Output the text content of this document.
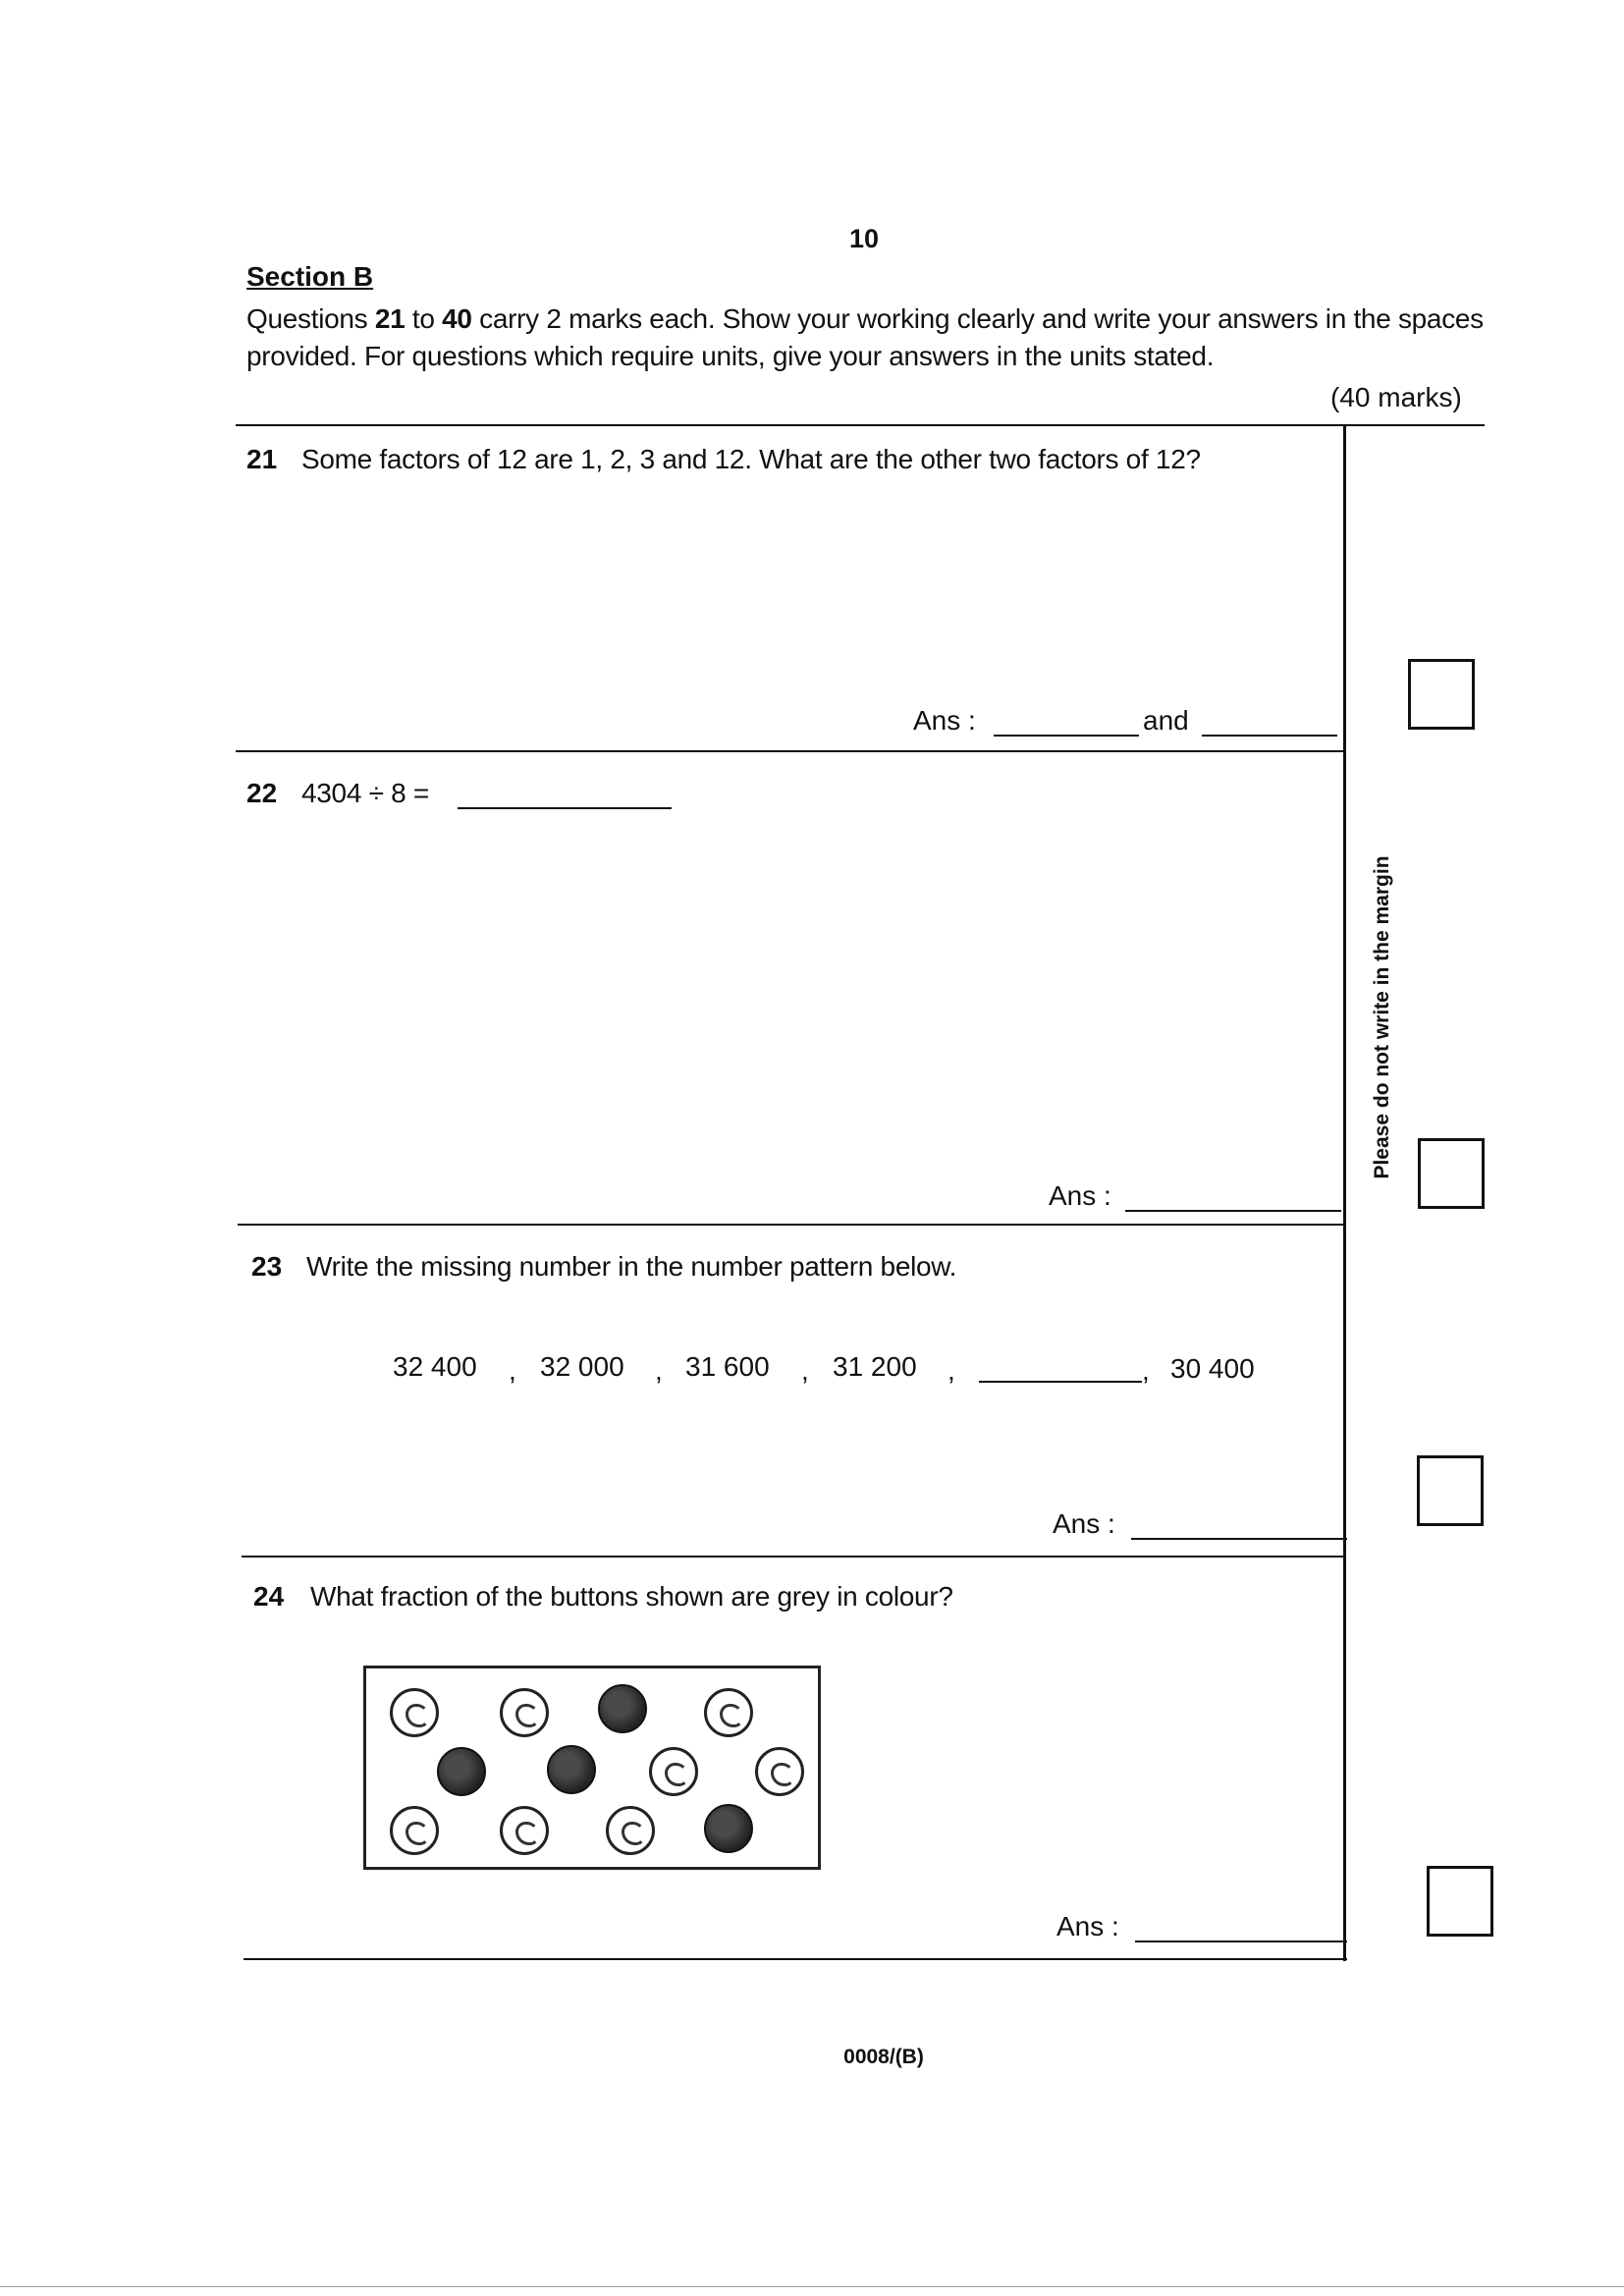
10
Section B
Questions 21 to 40 carry 2 marks each. Show your working clearly and write your answers in the spaces provided. For questions which require units, give your answers in the units stated.
(40 marks)
Please do not write in the margin
21 Some factors of 12 are 1, 2, 3 and 12. What are the other two factors of 12?
Ans :	and
22 4304 ÷ 8 =
Ans :
23 Write the missing number in the number pattern below.
32 400 , 32 000 , 31 600 , 31 200 ,	, 30 400
Ans :
24 What fraction of the buttons shown are grey in colour?
Ans :
0008/(B)
